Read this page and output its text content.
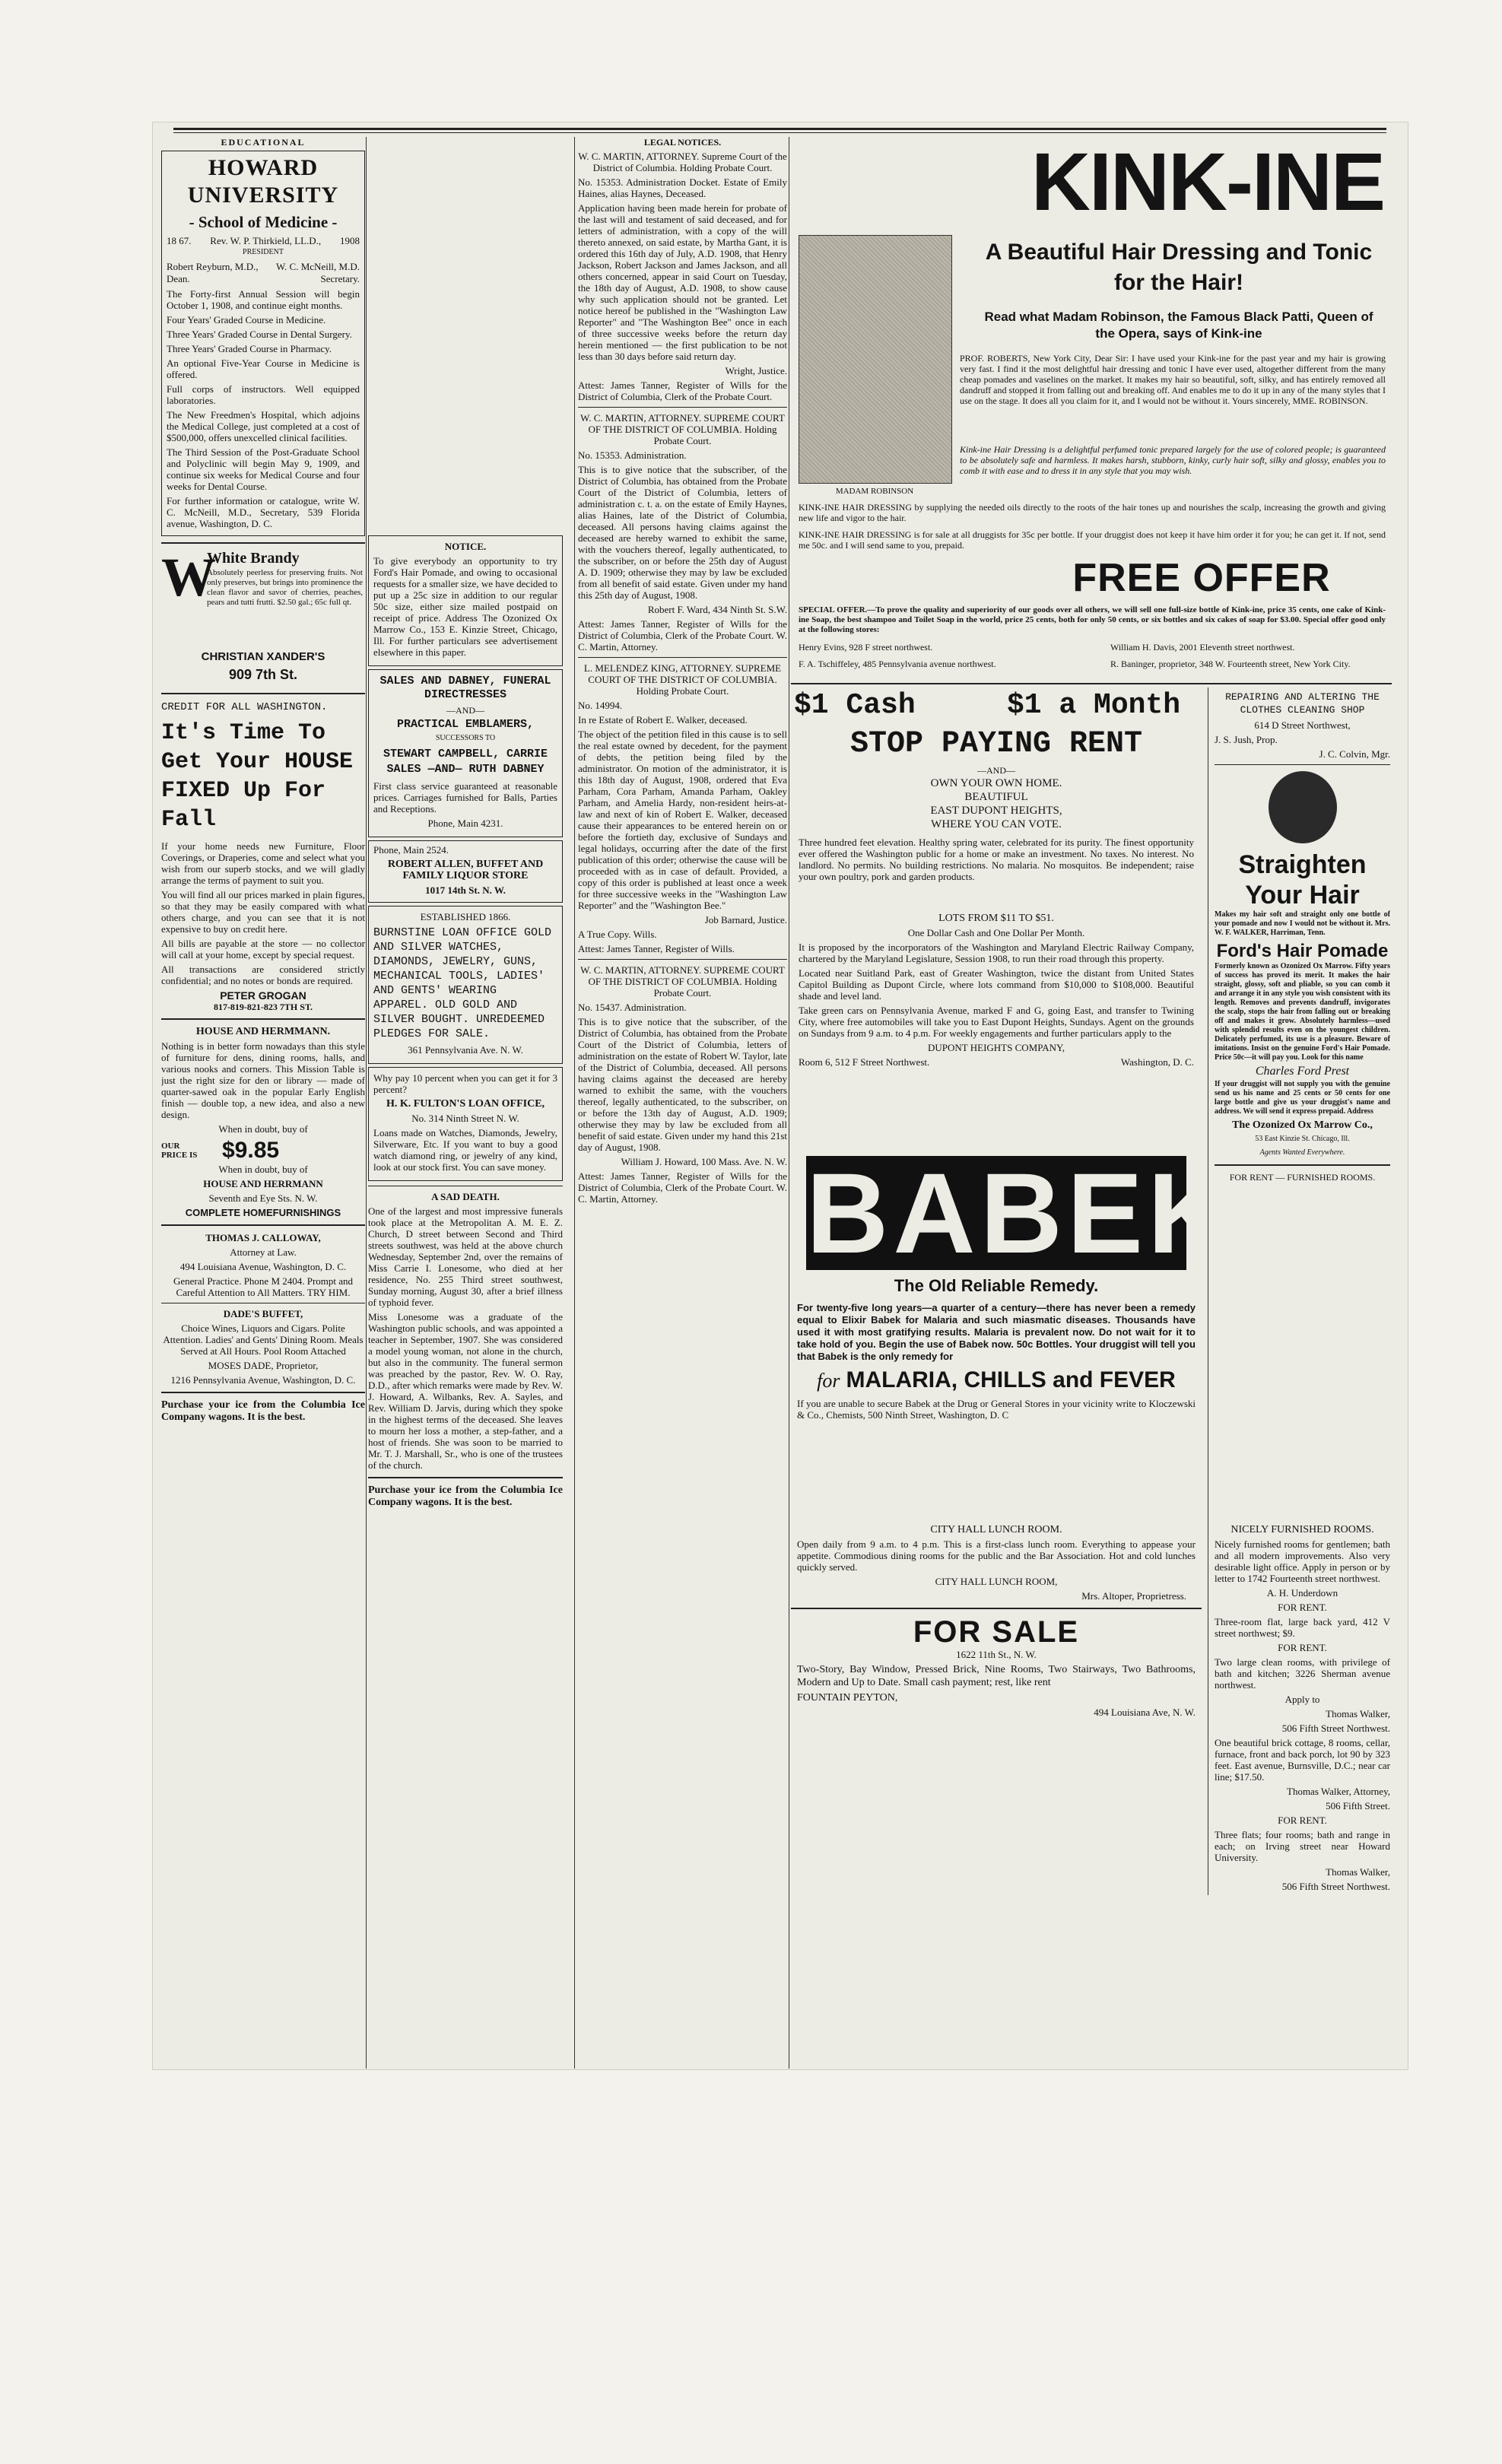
EDUCATIONAL

HOWARD UNIVERSITY
- School of Medicine -
18 67. Rev. W. P. Thirkield, LL.D., 1908
PRESIDENT
Robert Reyburn, M.D., Dean.
W. C. McNeill, M.D. Secretary.

The Forty-first Annual Session will begin October 1, 1908, and continue eight months.

Four Years' Graded Course in Medicine.

Three Years' Graded Course in Dental Surgery.

Three Years' Graded Course in Pharmacy.

An optional Five-Year Course in Medicine is offered.

Full corps of instructors. Well equipped laboratories.

The New Freedmen's Hospital, which adjoins the Medical College, just completed at a cost of $500,000, offers unexcelled clinical facilities.

The Third Session of the Post-Graduate School and Polyclinic will begin May 9, 1909, and continue six weeks for Medical Course and four weeks for Dental Course.

For further information or catalogue, write W. C. McNeill, M.D., Secretary, 539 Florida avenue, Washington, D. C.

W
White Brandy

Absolutely peerless for preserving fruits. Not only preserves, but brings into prominence the clean flavor and savor of cherries, peaches, pears and tutti frutti. $2.50 gal.; 65c full qt.

CHRISTIAN XANDER'S
909 7th St.

CREDIT FOR ALL WASHINGTON.

It's Time To Get Your HOUSE FIXED Up For Fall

If your home needs new Furniture, Floor Coverings, or Draperies, come and select what you wish from our superb stocks, and we will gladly arrange the terms of payment to suit you.

You will find all our prices marked in plain figures, so that they may be easily compared with what others charge, and you can see that it is not expensive to buy on credit here.

All bills are payable at the store — no collector will call at your home, except by special request.

All transactions are considered strictly confidential; and no notes or bonds are required.

PETER GROGAN
817-819-821-823 7TH ST.

HOUSE AND HERMMANN.

Nothing is in better form nowadays than this style of furniture for dens, dining rooms, halls, and various nooks and corners. This Mission Table is just the right size for den or library — made of quarter-sawed oak in the popular Early English finish — double top, a new idea, and also a new design.

When in doubt, buy of

OUR PRICE IS	$9.85

When in doubt, buy of

HOUSE AND HERRMANN

Seventh and Eye Sts. N. W.

COMPLETE HOMEFURNISHINGS

THOMAS J. CALLOWAY,

Attorney at Law.

494 Louisiana Avenue, Washington, D. C.

General Practice. Phone M 2404. Prompt and Careful Attention to All Matters. TRY HIM.

DADE'S BUFFET,

Choice Wines, Liquors and Cigars. Polite Attention. Ladies' and Gents' Dining Room. Meals Served at All Hours. Pool Room Attached

MOSES DADE, Proprietor,

1216 Pennsylvania Avenue, Washington, D. C.

Purchase your ice from the Columbia Ice Company wagons. It is the best.

NOTICE.

To give everybody an opportunity to try Ford's Hair Pomade, and owing to occasional requests for a smaller size, we have decided to put up a 25c size in addition to our regular 50c size, either size mailed postpaid on receipt of price. Address The Ozonized Ox Marrow Co., 153 E. Kinzie Street, Chicago, Ill. For further particulars see advertisement elsewhere in this paper.

SALES AND DABNEY, FUNERAL DIRECTRESSES

—AND—

PRACTICAL EMBLAMERS,

SUCCESSORS TO

STEWART CAMPBELL, CARRIE SALES —AND— RUTH DABNEY

First class service guaranteed at reasonable prices. Carriages furnished for Balls, Parties and Receptions.

Phone, Main 4231.

Phone, Main 2524.

ROBERT ALLEN, BUFFET AND FAMILY LIQUOR STORE

1017 14th St. N. W.

ESTABLISHED 1866.

BURNSTINE LOAN OFFICE GOLD AND SILVER WATCHES, DIAMONDS, JEWELRY, GUNS, MECHANICAL TOOLS, LADIES' AND GENTS' WEARING APPAREL. OLD GOLD AND SILVER BOUGHT. UNREDEEMED PLEDGES FOR SALE.

361 Pennsylvania Ave. N. W.

Why pay 10 percent when you can get it for 3 percent?

H. K. FULTON'S LOAN OFFICE,

No. 314 Ninth Street N. W.

Loans made on Watches, Diamonds, Jewelry, Silverware, Etc. If you want to buy a good watch diamond ring, or jewelry of any kind, look at our stock first. You can save money.

A SAD DEATH.

One of the largest and most impressive funerals took place at the Metropolitan A. M. E. Z. Church, D street between Second and Third streets southwest, was held at the above church Wednesday, September 2nd, over the remains of Miss Carrie I. Lonesome, who died at her residence, No. 255 Third street southwest, Sunday morning, August 30, after a brief illness of typhoid fever.

Miss Lonesome was a graduate of the Washington public schools, and was appointed a teacher in September, 1907. She was considered a model young woman, not alone in the church, but also in the community. The funeral sermon was preached by the pastor, Rev. W. O. Ray, D.D., after which remarks were made by Rev. W. J. Howard, A. Wilbanks, Rev. A. Sayles, and Rev. William D. Jarvis, during which they spoke in the highest terms of the deceased. She leaves to mourn her loss a mother, a step-father, and a host of friends. She was soon to be married to Mr. T. J. Marshall, Sr., who is one of the trustees of the church.

Purchase your ice from the Columbia Ice Company wagons. It is the best.

LEGAL NOTICES.

W. C. MARTIN, ATTORNEY. Supreme Court of the District of Columbia. Holding Probate Court.

No. 15353. Administration Docket. Estate of Emily Haines, alias Haynes, Deceased.

Application having been made herein for probate of the last will and testament of said deceased, and for letters of administration, with a copy of the will thereto annexed, on said estate, by Martha Gant, it is ordered this 16th day of July, A.D. 1908, that Henry Jackson, Robert Jackson and James Jackson, and all others concerned, appear in said Court on Tuesday, the 18th day of August, A.D. 1908, to show cause why such application should not be granted. Let notice hereof be published in the "Washington Law Reporter" and "The Washington Bee" once in each of three successive weeks before the return day herein mentioned — the first publication to be not less than 30 days before said return day.

Wright, Justice.

Attest: James Tanner, Register of Wills for the District of Columbia, Clerk of the Probate Court.

W. C. MARTIN, ATTORNEY. SUPREME COURT OF THE DISTRICT OF COLUMBIA. Holding Probate Court.

No. 15353. Administration.

This is to give notice that the subscriber, of the District of Columbia, has obtained from the Probate Court of the District of Columbia, letters of administration c. t. a. on the estate of Emily Haynes, alias Haines, late of the District of Columbia, deceased. All persons having claims against the deceased are hereby warned to exhibit the same, with the vouchers thereof, legally authenticated, to the subscriber, on or before the 25th day of August A. D. 1909; otherwise they may by law be excluded from all benefit of said estate. Given under my hand this 25th day of August, 1908.

Robert F. Ward, 434 Ninth St. S.W.

Attest: James Tanner, Register of Wills for the District of Columbia, Clerk of the Probate Court. W. C. Martin, Attorney.

L. MELENDEZ KING, ATTORNEY. SUPREME COURT OF THE DISTRICT OF COLUMBIA. Holding Probate Court.

No. 14994.

In re Estate of Robert E. Walker, deceased.

The object of the petition filed in this cause is to sell the real estate owned by decedent, for the payment of debts, the petition being filed by the administrator. On motion of the administrator, it is this 18th day of August, 1908, ordered that Eva Parham, Cora Parham, Amanda Parham, Oakley Parham, and Amelia Hardy, non-resident heirs-at-law and next of kin of Robert E. Walker, deceased cause their appearances to be entered herein on or before the fortieth day, exclusive of Sundays and legal holidays, occurring after the date of the first publication of this order; otherwise the cause will be proceeded with as in case of default. Provided, a copy of this order is published at least once a week for three successive weeks in the "Washington Law Reporter" and the "Washington Bee."

Job Barnard, Justice.

A True Copy. Wills.

Attest: James Tanner, Register of Wills.

W. C. MARTIN, ATTORNEY. SUPREME COURT OF THE DISTRICT OF COLUMBIA. Holding Probate Court.

No. 15437. Administration.

This is to give notice that the subscriber, of the District of Columbia, has obtained from the Probate Court of the District of Columbia, letters of administration on the estate of Robert W. Taylor, late of the District of Columbia, deceased. All persons having claims against the deceased are hereby warned to exhibit the same, with the vouchers thereof, legally authenticated, to the subscriber, on or before the 13th day of August, A.D. 1909; otherwise they may by law be excluded from all benefit of said estate. Given under my hand this 21st day of August, 1908.

William J. Howard, 100 Mass. Ave. N. W.

Attest: James Tanner, Register of Wills for the District of Columbia, Clerk of the Probate Court. W. C. Martin, Attorney.

KINK-INE
MADAM ROBINSON
A Beautiful Hair Dressing and Tonic for the Hair!
Read what Madam Robinson, the Famous Black Patti, Queen of the Opera, says of Kink-ine

PROF. ROBERTS, New York City, Dear Sir: I have used your Kink-ine for the past year and my hair is growing very fast. I find it the most delightful hair dressing and tonic I have ever used, altogether different from the many cheap pomades and vaselines on the market. It makes my hair so beautiful, soft, silky, and has entirely removed all dandruff and stopped it from falling out and breaking off. And enables me to do it up in any of the many styles that I use on the stage. It does all you claim for it, and I would not be without it. Yours sincerely, MME. ROBINSON.

Kink-ine Hair Dressing is a delightful perfumed tonic prepared largely for the use of colored people; is guaranteed to be absolutely safe and harmless. It makes harsh, stubborn, kinky, curly hair soft, silky and glossy, enables you to comb it with ease and to dress it in any style that you may wish.

KINK-INE HAIR DRESSING by supplying the needed oils directly to the roots of the hair tones up and nourishes the scalp, increasing the growth and giving new life and vigor to the hair.

KINK-INE HAIR DRESSING is for sale at all druggists for 35c per bottle. If your druggist does not keep it have him order it for you; he can get it. If not, send me 50c. and I will send same to you, prepaid.

FREE OFFER

SPECIAL OFFER.—To prove the quality and superiority of our goods over all others, we will sell one full-size bottle of Kink-ine, price 35 cents, one cake of Kink-ine Soap, the best shampoo and Toilet Soap in the world, price 25 cents, both for only 50 cents, or six bottles and six cakes of soap for $3.00. Special offer good only at the following stores:

Henry Evins, 928 F street northwest.

F. A. Tschiffeley, 485 Pennsylvania avenue northwest.

William H. Davis, 2001 Eleventh street northwest.

R. Baninger, proprietor, 348 W. Fourteenth street, New York City.

$1 Cash	$1 a Month
STOP PAYING RENT
—AND—
OWN YOUR OWN HOME.
BEAUTIFUL
EAST DUPONT HEIGHTS,
WHERE YOU CAN VOTE.

Three hundred feet elevation. Healthy spring water, celebrated for its purity. The finest opportunity ever offered the Washington public for a home or make an investment. No taxes. No interest. No landlord. No permits. No building restrictions. No malaria. No mosquitos. Be independent; raise your own poultry, pork and garden products.

LOTS FROM $11 TO $51.

One Dollar Cash and One Dollar Per Month.

It is proposed by the incorporators of the Washington and Maryland Electric Railway Company, chartered by the Maryland Legislature, Session 1908, to run their road through this property.

Located near Suitland Park, east of Greater Washington, twice the distant from United States Capitol Building as Dupont Circle, where lots command from $10,000 to $108,000. Beautiful shade and level land.

Take green cars on Pennsylvania Avenue, marked F and G, going East, and transfer to Twining City, where free automobiles will take you to East Dupont Heights, Sundays. Agent on the grounds on Sundays from 9 a.m. to 4 p.m. For weekly engagements and further particulars apply to the

DUPONT HEIGHTS COMPANY,

Room 6, 512 F Street Northwest.	Washington, D. C.
BABEK
The Old Reliable Remedy.

For twenty-five long years—a quarter of a century—there has never been a remedy equal to Elixir Babek for Malaria and such miasmatic diseases. Thousands have used it with most gratifying results. Malaria is prevalent now. Do not wait for it to take hold of you. Begin the use of Babek now. 50c Bottles. Your druggist will tell you that Babek is the only remedy for

for MALARIA, CHILLS and FEVER

If you are unable to secure Babek at the Drug or General Stores in your vicinity write to Kloczewski & Co., Chemists, 500 Ninth Street, Washington, D. C

REPAIRING AND ALTERING THE CLOTHES CLEANING SHOP

614 D Street Northwest,

J. S. Jush, Prop.

J. C. Colvin, Mgr.

Straighten Your Hair

Makes my hair soft and straight only one bottle of your pomade and now I would not be without it. Mrs. W. F. WALKER, Harriman, Tenn.

Ford's Hair Pomade

Formerly known as Ozonized Ox Marrow. Fifty years of success has proved its merit. It makes the hair straight, glossy, soft and pliable, so you can comb it and arrange it in any style you wish consistent with its length. Removes and prevents dandruff, invigorates the scalp, stops the hair from falling out or breaking off and makes it grow. Absolutely harmless—used with splendid results even on the youngest children. Delicately perfumed, its use is a pleasure. Beware of imitations. Insist on the genuine Ford's Hair Pomade. Price 50c—it will pay you. Look for this name

Charles Ford Prest

If your druggist will not supply you with the genuine send us his name and 25 cents or 50 cents for one large bottle and give us your druggist's name and address. We will send it express prepaid. Address

The Ozonized Ox Marrow Co.,

53 East Kinzie St. Chicago, Ill.

Agents Wanted Everywhere.

FOR RENT — FURNISHED ROOMS.

CITY HALL LUNCH ROOM.

Open daily from 9 a.m. to 4 p.m. This is a first-class lunch room. Everything to appease your appetite. Commodious dining rooms for the public and the Bar Association. Hot and cold lunches quickly served.

CITY HALL LUNCH ROOM,

Mrs. Altoper, Proprietress.

FOR SALE

1622 11th St., N. W.

Two-Story, Bay Window, Pressed Brick, Nine Rooms, Two Stairways, Two Bathrooms, Modern and Up to Date. Small cash payment; rest, like rent

FOUNTAIN PEYTON,

494 Louisiana Ave, N. W.

NICELY FURNISHED ROOMS.

Nicely furnished rooms for gentlemen; bath and all modern improvements. Also very desirable light office. Apply in person or by letter to 1742 Fourteenth street northwest.

A. H. Underdown

FOR RENT.

Three-room flat, large back yard, 412 V street northwest; $9.

FOR RENT.

Two large clean rooms, with privilege of bath and kitchen; 3226 Sherman avenue northwest.

Apply to

Thomas Walker,

506 Fifth Street Northwest.

One beautiful brick cottage, 8 rooms, cellar, furnace, front and back porch, lot 90 by 323 feet. East avenue, Burnsville, D.C.; near car line; $17.50.

Thomas Walker, Attorney,

506 Fifth Street.

FOR RENT.

Three flats; four rooms; bath and range in each; on Irving street near Howard University.

Thomas Walker,

506 Fifth Street Northwest.
